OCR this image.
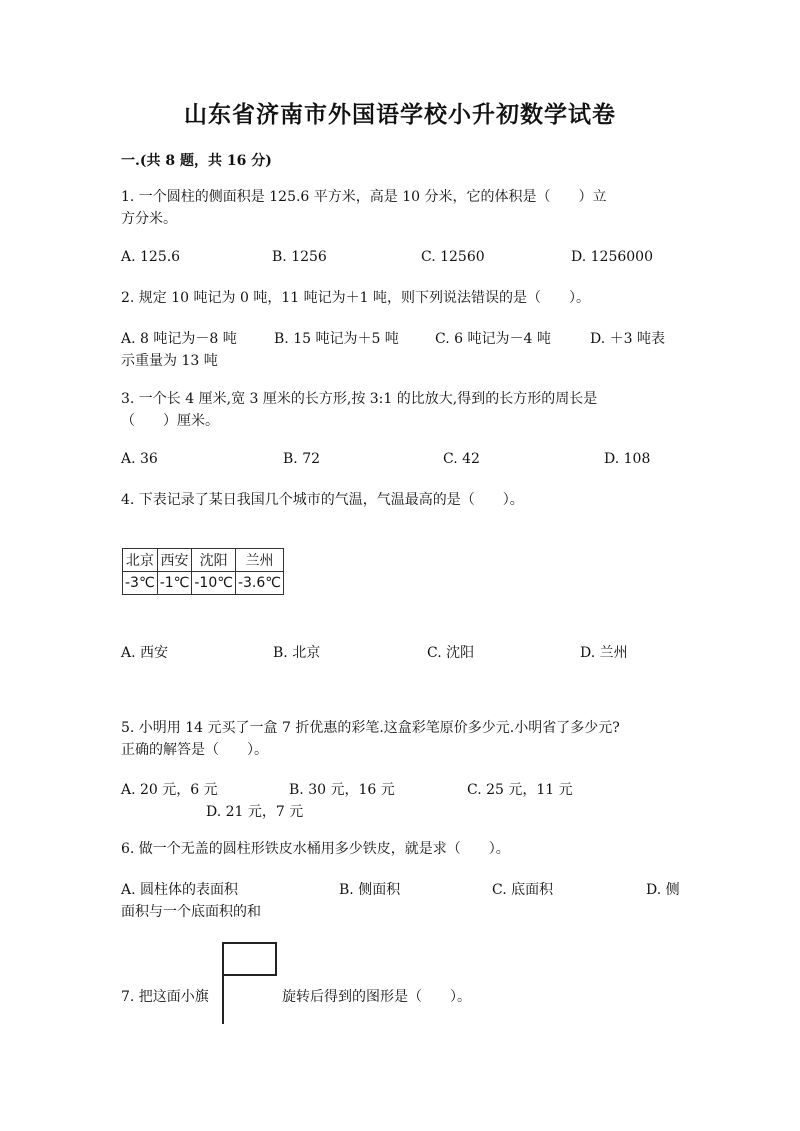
山东省济南市外国语学校小升初数学试卷
一.(共 8 题，共 16 分)
1. 一个圆柱的侧面积是 125.6 平方米，高是 10 分米，它的体积是（　　）立
方分米。
A. 125.6	B. 1256	C. 12560	D. 1256000
2. 规定 10 吨记为 0 吨，11 吨记为＋1 吨，则下列说法错误的是（　　）。
A. 8 吨记为－8 吨	B. 15 吨记为＋5 吨	C. 6 吨记为－4 吨	D. ＋3 吨表
示重量为 13 吨
3. 一个长 4 厘米,宽 3 厘米的长方形,按 3:1 的比放大,得到的长方形的周长是
（　　）厘米。
A. 36	B. 72	C. 42	D. 108
4. 下表记录了某日我国几个城市的气温，气温最高的是（　　）。
北京	西安	沈阳	兰州
-3℃	-1℃	-10℃	-3.6℃
A. 西安	B. 北京	C. 沈阳	D. 兰州
5. 小明用 14 元买了一盒 7 折优惠的彩笔.这盒彩笔原价多少元.小明省了多少元?
正确的解答是（　　）。
A. 20 元，6 元	B. 30 元，16 元	C. 25 元，11 元
D. 21 元，7 元
6. 做一个无盖的圆柱形铁皮水桶用多少铁皮，就是求（　　）。
A. 圆柱体的表面积	B. 侧面积	C. 底面积	D. 侧
面积与一个底面积的和
7. 把这面小旗	旋转后得到的图形是（　　）。
